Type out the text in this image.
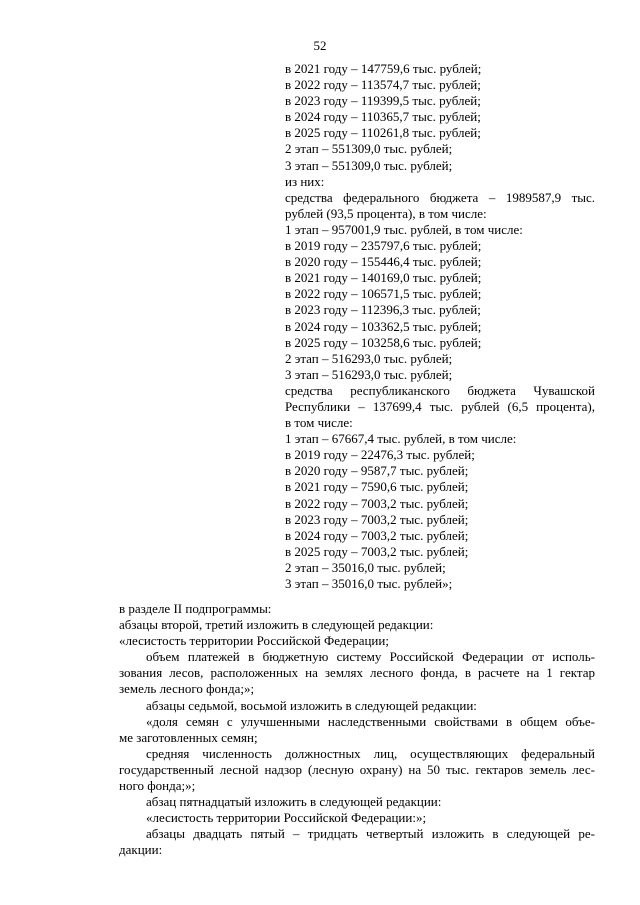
52
в 2021 году – 147759,6 тыс. рублей;
в 2022 году – 113574,7 тыс. рублей;
в 2023 году – 119399,5 тыс. рублей;
в 2024 году – 110365,7 тыс. рублей;
в 2025 году – 110261,8 тыс. рублей;
2 этап – 551309,0 тыс. рублей;
3 этап – 551309,0 тыс. рублей;
из них:
средства федерального бюджета – 1989587,9 тыс.
рублей (93,5 процента), в том числе:
1 этап – 957001,9 тыс. рублей, в том числе:
в 2019 году – 235797,6 тыс. рублей;
в 2020 году – 155446,4 тыс. рублей;
в 2021 году – 140169,0 тыс. рублей;
в 2022 году – 106571,5 тыс. рублей;
в 2023 году – 112396,3 тыс. рублей;
в 2024 году – 103362,5 тыс. рублей;
в 2025 году – 103258,6 тыс. рублей;
2 этап – 516293,0 тыс. рублей;
3 этап – 516293,0 тыс. рублей;
средства республиканского бюджета Чувашской
Республики – 137699,4 тыс. рублей (6,5 процента),
в том числе:
1 этап – 67667,4 тыс. рублей, в том числе:
в 2019 году – 22476,3 тыс. рублей;
в 2020 году – 9587,7 тыс. рублей;
в 2021 году – 7590,6 тыс. рублей;
в 2022 году – 7003,2 тыс. рублей;
в 2023 году – 7003,2 тыс. рублей;
в 2024 году – 7003,2 тыс. рублей;
в 2025 году – 7003,2 тыс. рублей;
2 этап – 35016,0 тыс. рублей;
3 этап – 35016,0 тыс. рублей»;
в разделе II подпрограммы:
абзацы второй, третий изложить в следующей редакции:
«лесистость территории Российской Федерации;
объем платежей в бюджетную систему Российской Федерации от исполь-
зования лесов, расположенных на землях лесного фонда, в расчете на 1 гектар
земель лесного фонда;»;
абзацы седьмой, восьмой изложить в следующей редакции:
«доля семян с улучшенными наследственными свойствами в общем объе-
ме заготовленных семян;
средняя численность должностных лиц, осуществляющих федеральный
государственный лесной надзор (лесную охрану) на 50 тыс. гектаров земель лес-
ного фонда;»;
абзац пятнадцатый изложить в следующей редакции:
«лесистость территории Российской Федерации:»;
абзацы двадцать пятый – тридцать четвертый изложить в следующей ре-
дакции:
